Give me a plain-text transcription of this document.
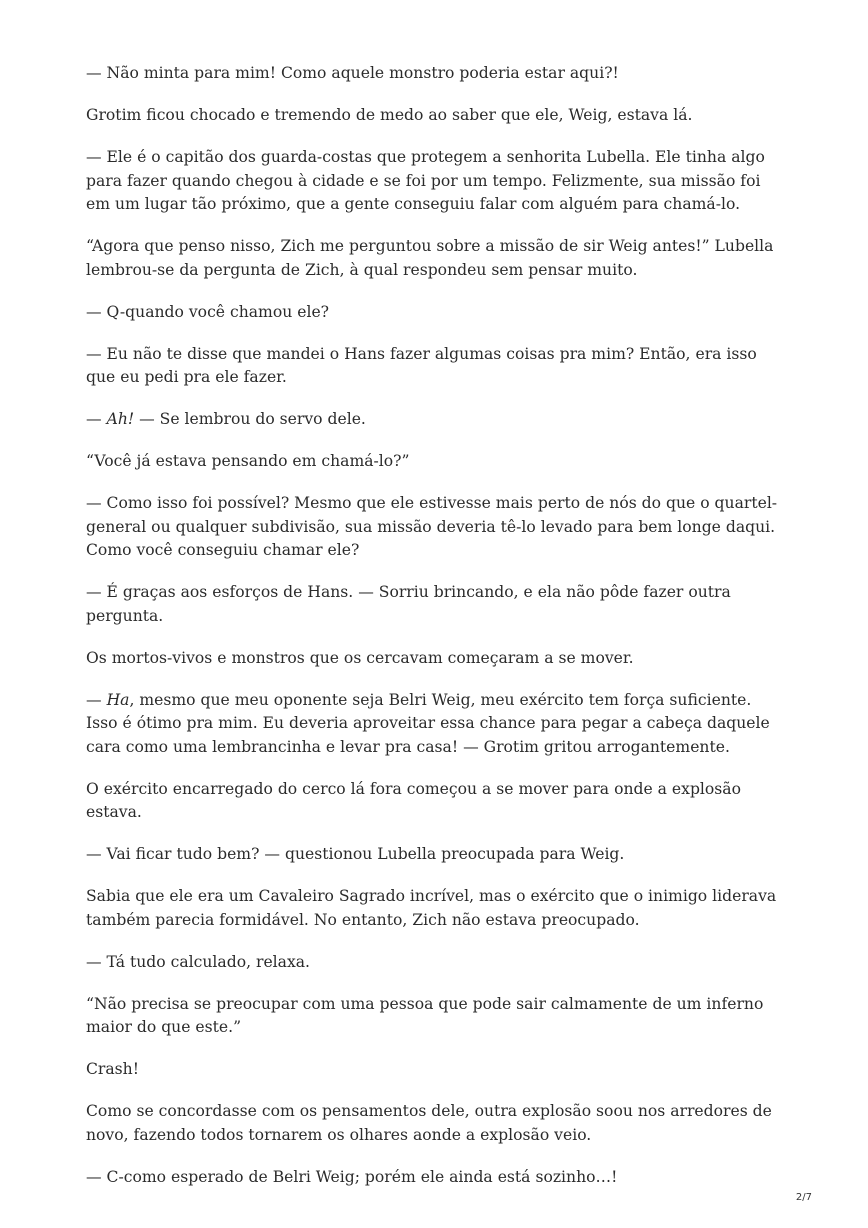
— Não minta para mim! Como aquele monstro poderia estar aqui?!

Grotim ficou chocado e tremendo de medo ao saber que ele, Weig, estava lá.

— Ele é o capitão dos guarda-costas que protegem a senhorita Lubella. Ele tinha algo para fazer quando chegou à cidade e se foi por um tempo. Felizmente, sua missão foi em um lugar tão próximo, que a gente conseguiu falar com alguém para chamá-lo.

“Agora que penso nisso, Zich me perguntou sobre a missão de sir Weig antes!” Lubella lembrou-se da pergunta de Zich, à qual respondeu sem pensar muito.

— Q-quando você chamou ele?

— Eu não te disse que mandei o Hans fazer algumas coisas pra mim? Então, era isso que eu pedi pra ele fazer.

— Ah! — Se lembrou do servo dele.

“Você já estava pensando em chamá-lo?”

— Como isso foi possível? Mesmo que ele estivesse mais perto de nós do que o quartel-general ou qualquer subdivisão, sua missão deveria tê-lo levado para bem longe daqui. Como você conseguiu chamar ele?

— É graças aos esforços de Hans. — Sorriu brincando, e ela não pôde fazer outra pergunta.

Os mortos-vivos e monstros que os cercavam começaram a se mover.

— Ha, mesmo que meu oponente seja Belri Weig, meu exército tem força suficiente. Isso é ótimo pra mim. Eu deveria aproveitar essa chance para pegar a cabeça daquele cara como uma lembrancinha e levar pra casa! — Grotim gritou arrogantemente.

O exército encarregado do cerco lá fora começou a se mover para onde a explosão estava.

— Vai ficar tudo bem? — questionou Lubella preocupada para Weig.

Sabia que ele era um Cavaleiro Sagrado incrível, mas o exército que o inimigo liderava também parecia formidável. No entanto, Zich não estava preocupado.

— Tá tudo calculado, relaxa.

“Não precisa se preocupar com uma pessoa que pode sair calmamente de um inferno maior do que este.”

Crash!

Como se concordasse com os pensamentos dele, outra explosão soou nos arredores de novo, fazendo todos tornarem os olhares aonde a explosão veio.

— C-como esperado de Belri Weig; porém ele ainda está sozinho…!

2/7
